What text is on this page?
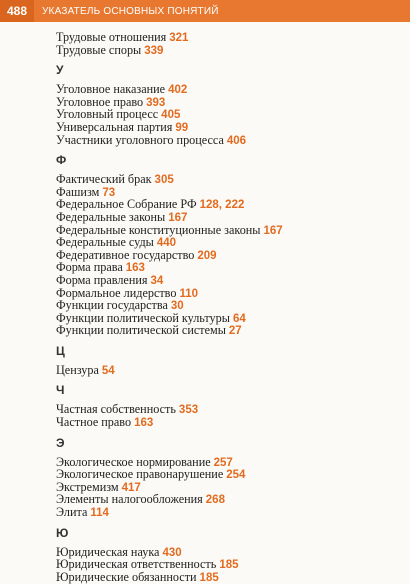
488	УКАЗАТЕЛЬ ОСНОВНЫХ ПОНЯТИЙ
Трудовые отношения 321
Трудовые споры 339
У
Уголовное наказание 402
Уголовное право 393
Уголовный процесс 405
Универсальная партия 99
Участники уголовного процесса 406
Ф
Фактический брак 305
Фашизм 73
Федеральное Собрание РФ 128, 222
Федеральные законы 167
Федеральные конституционные законы 167
Федеральные суды 440
Федеративное государство 209
Форма права 163
Форма правления 34
Формальное лидерство 110
Функции государства 30
Функции политической культуры 64
Функции политической системы 27
Ц
Цензура 54
Ч
Частная собственность 353
Частное право 163
Э
Экологическое нормирование 257
Экологическое правонарушение 254
Экстремизм 417
Элементы налогообложения 268
Элита 114
Ю
Юридическая наука 430
Юридическая ответственность 185
Юридические обязанности 185
